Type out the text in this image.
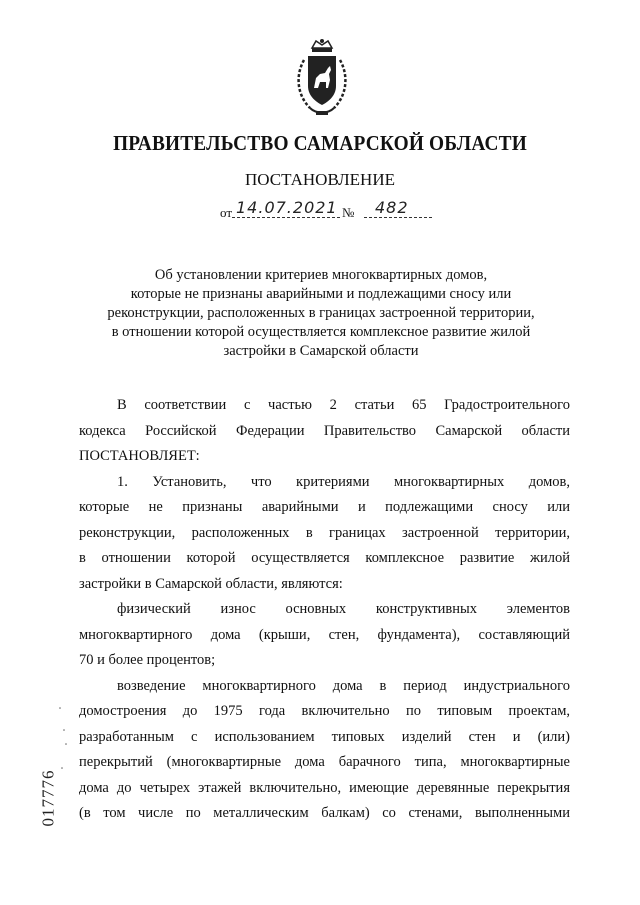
ПРАВИТЕЛЬСТВО САМАРСКОЙ ОБЛАСТИ
ПОСТАНОВЛЕНИЕ
от 14.07.2021 № 482
Об установлении критериев многоквартирных домов,
которые не признаны аварийными и подлежащими сносу или
реконструкции, расположенных в границах застроенной территории,
в отношении которой осуществляется комплексное развитие жилой
застройки в Самарской области
В соответствии с частью 2 статьи 65 Градостроительного
кодекса Российской Федерации Правительство Самарской области
ПОСТАНОВЛЯЕТ:
1. Установить, что критериями многоквартирных домов,
которые не признаны аварийными и подлежащими сносу или
реконструкции, расположенных в границах застроенной территории,
в отношении которой осуществляется комплексное развитие жилой
застройки в Самарской области, являются:
физический износ основных конструктивных элементов
многоквартирного дома (крыши, стен, фундамента), составляющий
70 и более процентов;
возведение многоквартирного дома в период индустриального
домостроения до 1975 года включительно по типовым проектам,
разработанным с использованием типовых изделий стен и (или)
перекрытий (многоквартирные дома барачного типа, многоквартирные
дома до четырех этажей включительно, имеющие деревянные перекрытия
(в том числе по металлическим балкам) со стенами, выполненными
017776
